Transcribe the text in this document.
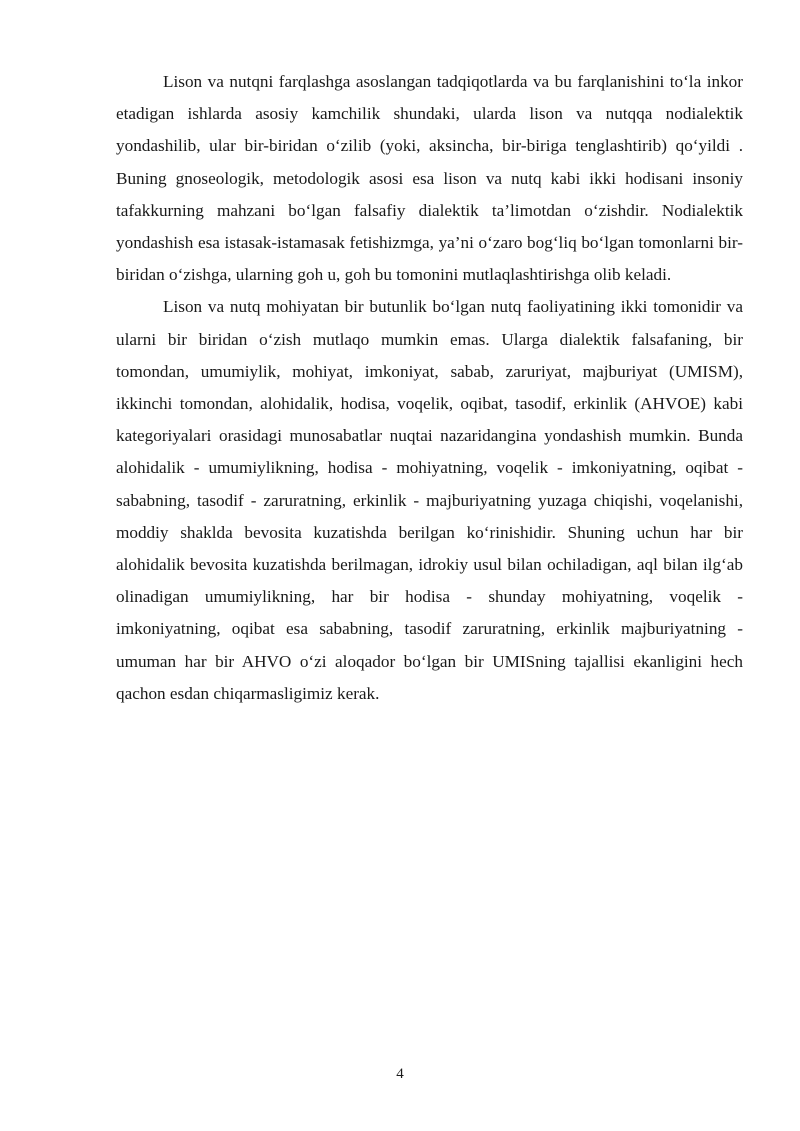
Lison va nutqni farqlashga asoslangan tadqiqotlarda va bu farqlanishini to‘la inkor etadigan ishlarda asosiy kamchilik shundaki, ularda lison va nutqqa nodialektik yondashilib, ular bir-biridan o‘zilib (yoki, aksincha, bir-biriga tenglashtirib) qo‘yildi . Buning gnoseologik, metodologik asosi esa lison va nutq kabi ikki hodisani insoniy tafakkurning mahzani bo‘lgan falsafiy dialektik ta’limotdan o‘zishdir. Nodialektik yondashish esa istasak-istamasak fetishizmga, ya’ni o‘zaro bog‘liq bo‘lgan tomonlarni bir-biridan o‘zishga, ularning goh u, goh bu tomonini mutlaqlashtirishga olib keladi.

Lison va nutq mohiyatan bir butunlik bo‘lgan nutq faoliyatining ikki tomonidir va ularni bir biridan o‘zish mutlaqo mumkin emas. Ularga dialektik falsafaning, bir tomondan, umumiylik, mohiyat, imkoniyat, sabab, zaruriyat, majburiyat (UMISM), ikkinchi tomondan, alohidalik, hodisa, voqelik, oqibat, tasodif, erkinlik (AHVOE) kabi kategoriyalari orasidagi munosabatlar nuqtai nazaridangina yondashish mumkin. Bunda alohidalik - umumiylikning, hodisa - mohiyatning, voqelik - imkoniyatning, oqibat - sababning, tasodif - zaruratning, erkinlik - majburiyatning yuzaga chiqishi, voqelanishi, moddiy shaklda bevosita kuzatishda berilgan ko‘rinishidir. Shuning uchun har bir alohidalik bevosita kuzatishda berilmagan, idrokiy usul bilan ochiladigan, aql bilan ilg‘ab olinadigan umumiylikning, har bir hodisa - shunday mohiyatning, voqelik - imkoniyatning, oqibat esa sababning, tasodif zaruratning, erkinlik majburiyatning - umuman har bir AHVO o‘zi aloqador bo‘lgan bir UMISning tajallisi ekanligini hech qachon esdan chiqarmasligimiz kerak.

4
